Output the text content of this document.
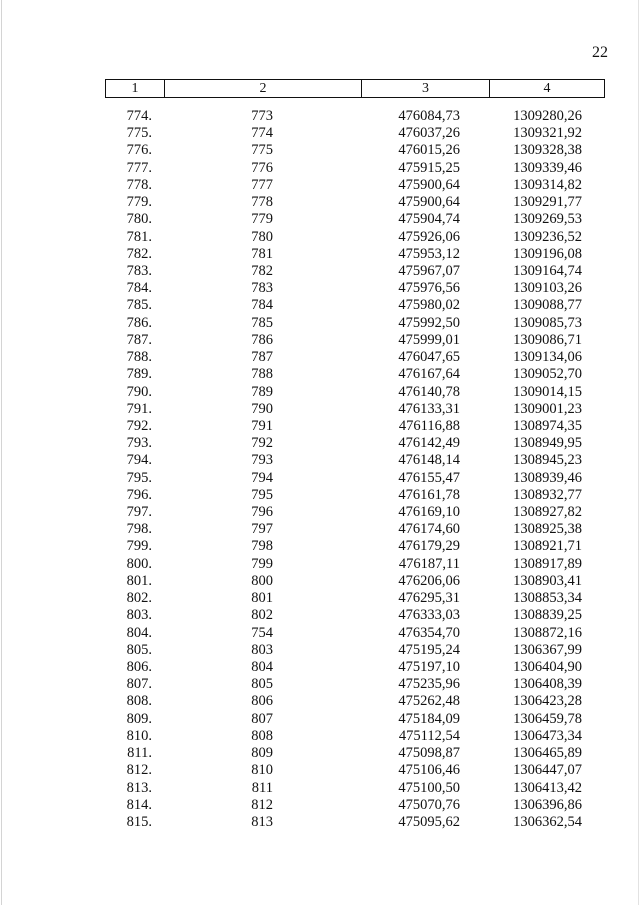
22
1	2	3	4
774.	773	476084,73	1309280,26
775.	774	476037,26	1309321,92
776.	775	476015,26	1309328,38
777.	776	475915,25	1309339,46
778.	777	475900,64	1309314,82
779.	778	475900,64	1309291,77
780.	779	475904,74	1309269,53
781.	780	475926,06	1309236,52
782.	781	475953,12	1309196,08
783.	782	475967,07	1309164,74
784.	783	475976,56	1309103,26
785.	784	475980,02	1309088,77
786.	785	475992,50	1309085,73
787.	786	475999,01	1309086,71
788.	787	476047,65	1309134,06
789.	788	476167,64	1309052,70
790.	789	476140,78	1309014,15
791.	790	476133,31	1309001,23
792.	791	476116,88	1308974,35
793.	792	476142,49	1308949,95
794.	793	476148,14	1308945,23
795.	794	476155,47	1308939,46
796.	795	476161,78	1308932,77
797.	796	476169,10	1308927,82
798.	797	476174,60	1308925,38
799.	798	476179,29	1308921,71
800.	799	476187,11	1308917,89
801.	800	476206,06	1308903,41
802.	801	476295,31	1308853,34
803.	802	476333,03	1308839,25
804.	754	476354,70	1308872,16
805.	803	475195,24	1306367,99
806.	804	475197,10	1306404,90
807.	805	475235,96	1306408,39
808.	806	475262,48	1306423,28
809.	807	475184,09	1306459,78
810.	808	475112,54	1306473,34
811.	809	475098,87	1306465,89
812.	810	475106,46	1306447,07
813.	811	475100,50	1306413,42
814.	812	475070,76	1306396,86
815.	813	475095,62	1306362,54
